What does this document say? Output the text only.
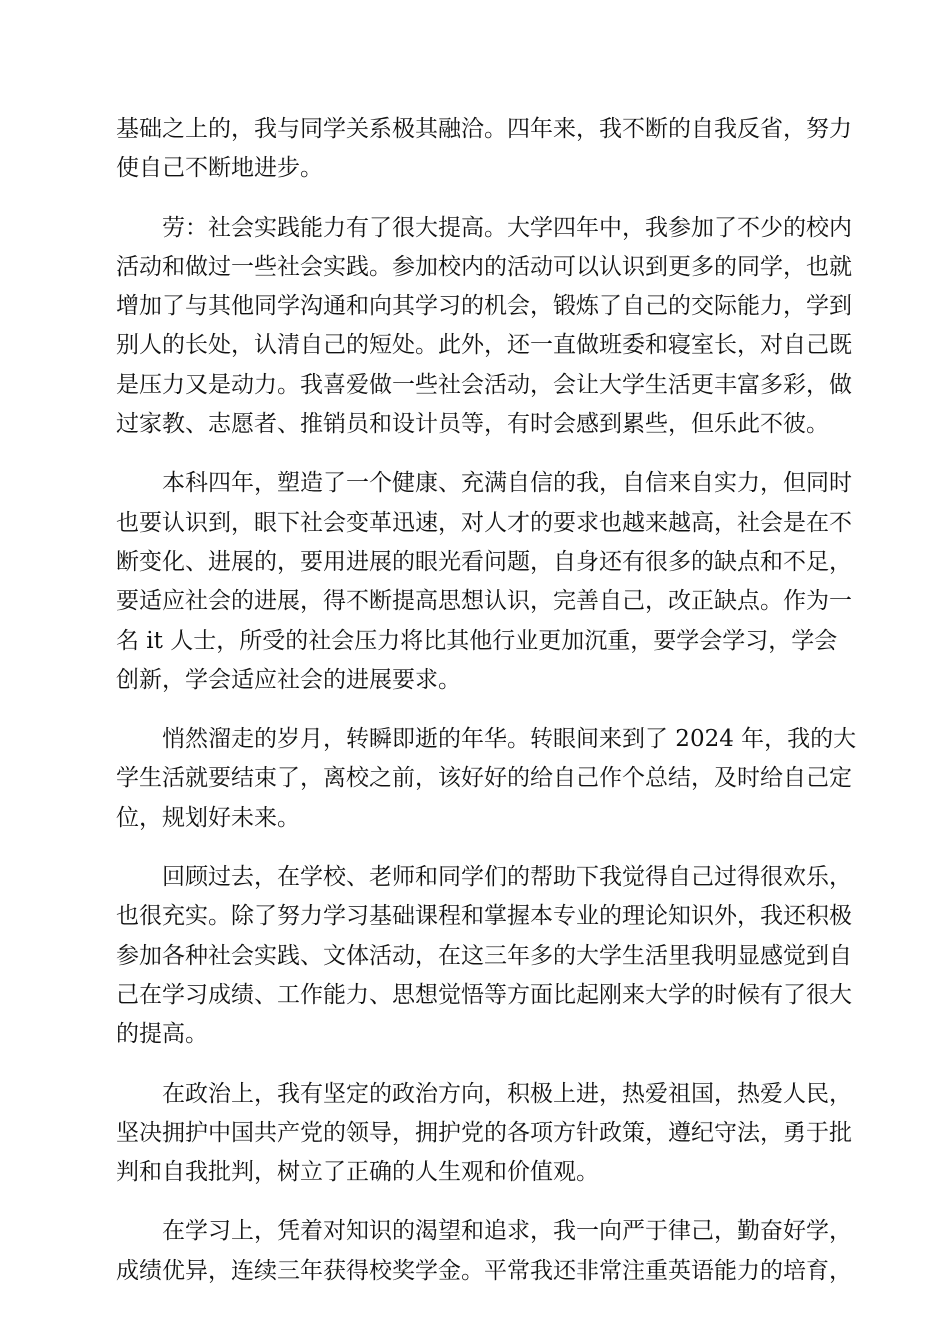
基础之上的，我与同学关系极其融洽。四年来，我不断的自我反省，努力
使自己不断地进步。
劳：社会实践能力有了很大提高。大学四年中，我参加了不少的校内
活动和做过一些社会实践。参加校内的活动可以认识到更多的同学，也就
增加了与其他同学沟通和向其学习的机会，锻炼了自己的交际能力，学到
别人的长处，认清自己的短处。此外，还一直做班委和寝室长，对自己既
是压力又是动力。我喜爱做一些社会活动，会让大学生活更丰富多彩，做
过家教、志愿者、推销员和设计员等，有时会感到累些，但乐此不彼。
本科四年，塑造了一个健康、充满自信的我，自信来自实力，但同时
也要认识到，眼下社会变革迅速，对人才的要求也越来越高，社会是在不
断变化、进展的，要用进展的眼光看问题，自身还有很多的缺点和不足，
要适应社会的进展，得不断提高思想认识，完善自己，改正缺点。作为一
名 it 人士，所受的社会压力将比其他行业更加沉重，要学会学习，学会
创新，学会适应社会的进展要求。
悄然溜走的岁月，转瞬即逝的年华。转眼间来到了 2024 年，我的大
学生活就要结束了，离校之前，该好好的给自己作个总结，及时给自己定
位，规划好未来。
回顾过去，在学校、老师和同学们的帮助下我觉得自己过得很欢乐，
也很充实。除了努力学习基础课程和掌握本专业的理论知识外，我还积极
参加各种社会实践、文体活动，在这三年多的大学生活里我明显感觉到自
己在学习成绩、工作能力、思想觉悟等方面比起刚来大学的时候有了很大
的提高。
在政治上，我有坚定的政治方向，积极上进，热爱祖国，热爱人民，
坚决拥护中国共产党的领导，拥护党的各项方针政策，遵纪守法，勇于批
判和自我批判，树立了正确的人生观和价值观。
在学习上，凭着对知识的渴望和追求，我一向严于律己，勤奋好学，
成绩优异，连续三年获得校奖学金。平常我还非常注重英语能力的培育，
